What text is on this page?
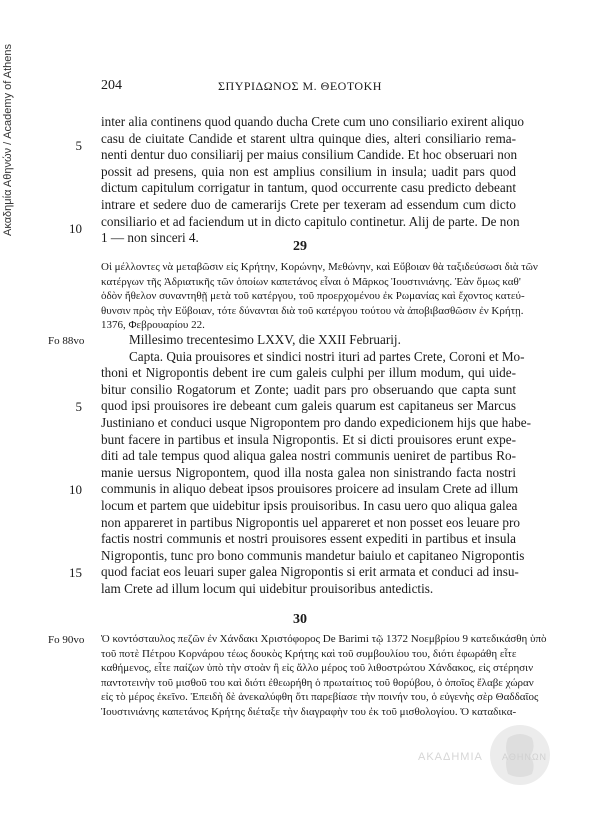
Ακαδημία Αθηνών / Academy of Athens	204	ΣΠΥΡΙΔΩΝΟΣ Μ. ΘΕΟΤΟΚΗ
inter alia continens quod quando ducha Crete cum uno consiliario exirent aliquo
casu de ciuitate Candide et starent ultra quinque dies, alteri consiliario rema-
nenti dentur duo consiliarij per maius consilium Candide. Et hoc obseruari non
possit ad presens, quia non est amplius consilium in insula; uadit pars quod
dictum capitulum corrigatur in tantum, quod occurrente casu predicto debeant
intrare et sedere duo de camerarijs Crete per texeram ad essendum cum dicto
consiliario et ad faciendum ut in dicto capitulo continetur. Alij de parte. De non
1 — non sinceri 4.
5
10
29
Οἱ μέλλοντες νὰ μεταβῶσιν εἰς Κρήτην, Κορώνην, Μεθώνην, καὶ Εὔβοιαν θὰ ταξιδεύσωσι διὰ τῶν
κατέργων τῆς Ἀδριατικῆς τῶν ὁποίων καπετάνος εἶναι ὁ Μᾶρκος Ἰουστινιάνης. Ἐὰν ὅμως καθ'
ὁδὸν ἤθελον συναντηθῇ μετὰ τοῦ κατέργου, τοῦ προερχομένου ἐκ Ρωμανίας καὶ ἔχοντος κατεύ-
θυνσιν πρὸς τὴν Εὔβοιαν, τότε δύνανται διὰ τοῦ κατέργου τούτου νὰ ἀποβιβασθῶσιν ἐν Κρήτῃ.
1376, Φεβρουαρίου 22.
Fo 88vo	Millesimo trecentesimo LXXV, die XXII Februarij.
Capta. Quia prouisores et sindici nostri ituri ad partes Crete, Coroni et Mo-
thoni et Nigropontis debent ire cum galeis culphi per illum modum, qui uide-
bitur consilio Rogatorum et Zonte; uadit pars pro obseruando que capta sunt
quod ipsi prouisores ire debeant cum galeis quarum est capitaneus ser Marcus
Justiniano et conduci usque Nigropontem pro dando expedicionem hijs que habe-
bunt facere in partibus et insula Nigropontis. Et si dicti prouisores erunt expe-
diti ad tale tempus quod aliqua galea nostri communis ueniret de partibus Ro-
manie uersus Nigropontem, quod illa nosta galea non sinistrando facta nostri
communis in aliquo debeat ipsos prouisores proicere ad insulam Crete ad illum
locum et partem que uidebitur ipsis prouisoribus. In casu uero quo aliqua galea
non appareret in partibus Nigropontis uel appareret et non posset eos leuare pro
factis nostri communis et nostri prouisores essent expediti in partibus et insula
Nigropontis, tunc pro bono communis mandetur baiulo et capitaneo Nigropontis
quod faciat eos leuari super galea Nigropontis si erit armata et conduci ad insu-
lam Crete ad illum locum qui uidebitur prouisoribus antedictis.
5
10
15
30
Fo 90vo Ὁ κοντόσταυλος πεζῶν ἐν Χάνδακι Χριστόφορος De Barimi τῷ 1372 Νοεμβρίου 9 κατεδικάσθη ὑπὸ
τοῦ ποτὲ Πέτρου Κορνάρου τέως δουκὸς Κρήτης καὶ τοῦ συμβουλίου του, διότι ἐφωράθη εἶτε
καθήμενος, εἶτε παίζων ὑπὸ τὴν στοὰν ἢ εἰς ἄλλο μέρος τοῦ λιθοστρώτου Χάνδακος, εἰς στέρησιν
παντοτεινὴν τοῦ μισθοῦ του καὶ διότι ἐθεωρήθη ὁ πρωταίτιος τοῦ θορύβου, ὁ ὁποῖος ἔλαβε χώραν
εἰς τὸ μέρος ἐκεῖνο. Ἐπειδὴ δὲ ἀνεκαλύφθη ὅτι παρεβίασε τὴν ποινήν του, ὁ εὐγενὴς σὲρ Θαδδαῖος
Ἰουστινιάνης καπετάνος Κρήτης διέταξε τὴν διαγραφὴν του ἐκ τοῦ μισθολογίου. Ὁ καταδικα-
ΑΚΑΔΗΜΙΑ ΑΘΗΝΩΝ
